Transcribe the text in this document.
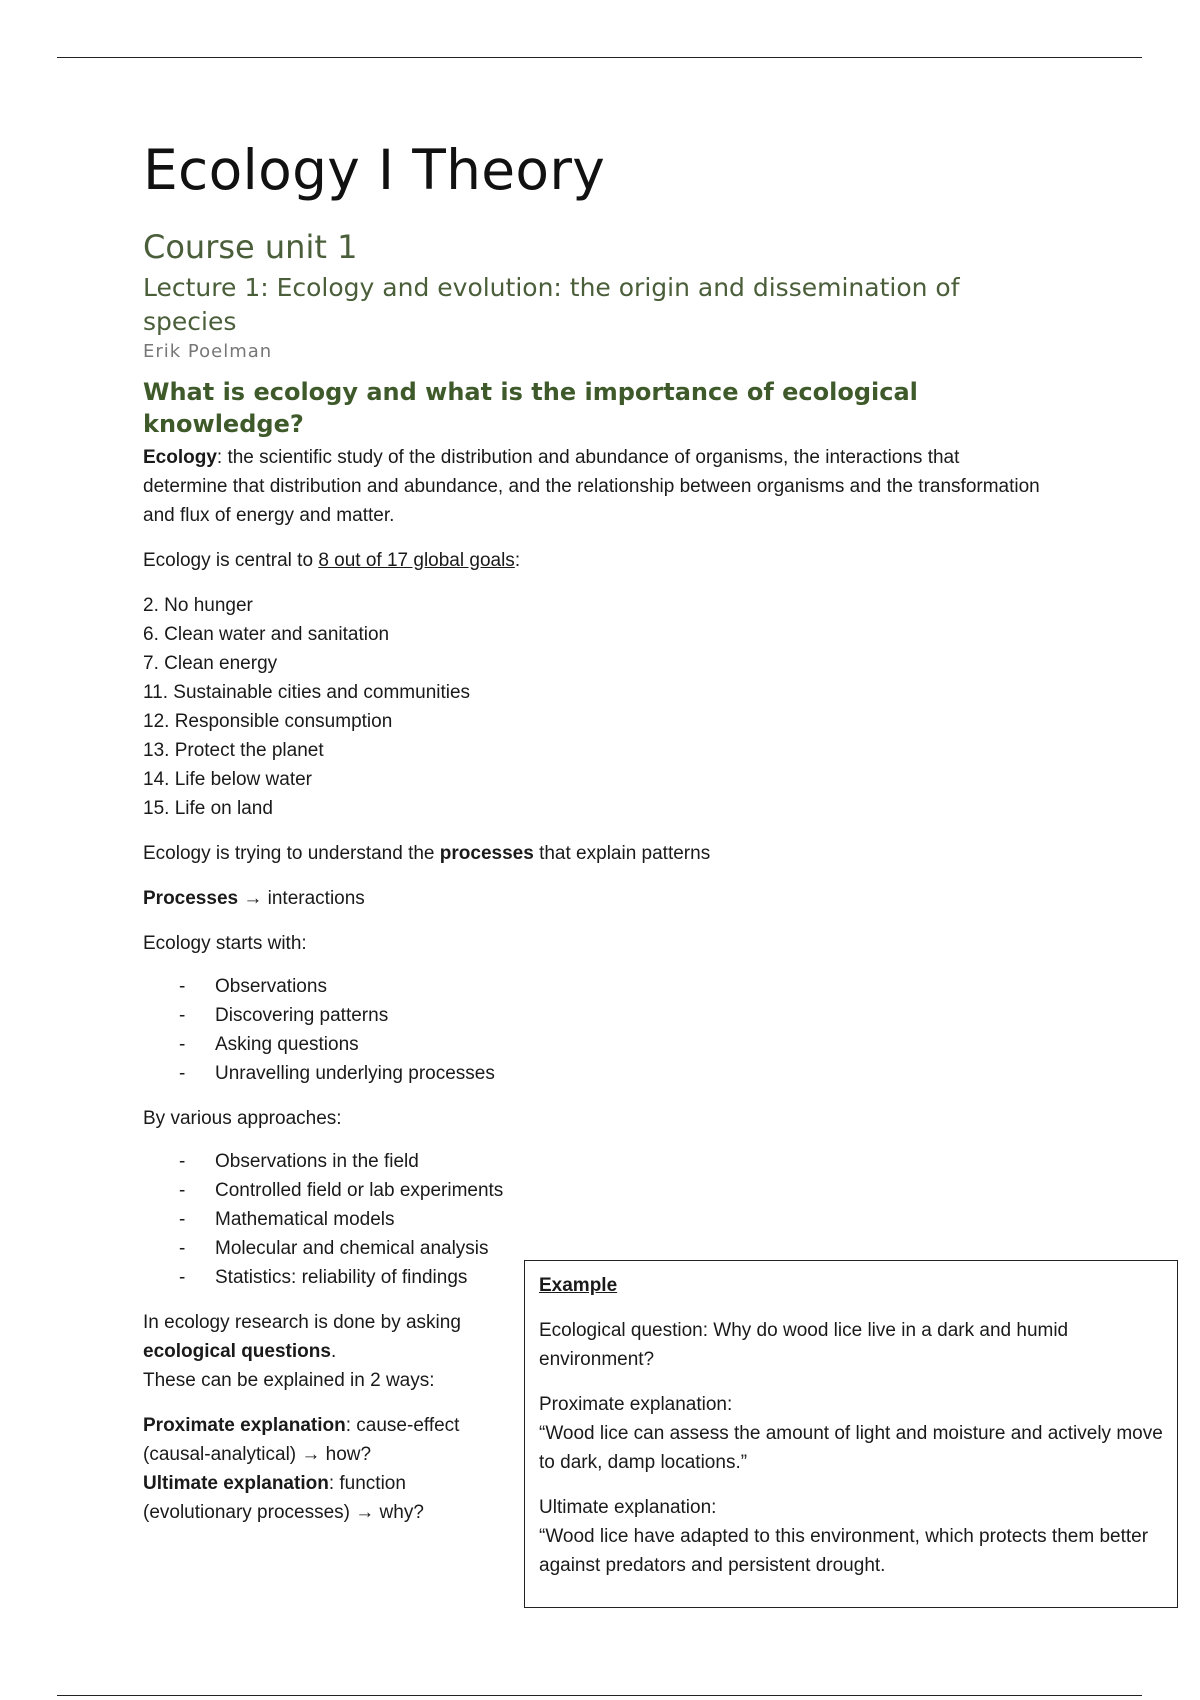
Ecology I Theory
Course unit 1
Lecture 1: Ecology and evolution: the origin and dissemination of species
Erik Poelman
What is ecology and what is the importance of ecological knowledge?

Ecology: the scientific study of the distribution and abundance of organisms, the interactions that determine that distribution and abundance, and the relationship between organisms and the transformation and flux of energy and matter.

Ecology is central to 8 out of 17 global goals:

2. No hunger
6. Clean water and sanitation
7. Clean energy
11. Sustainable cities and communities
12. Responsible consumption
13. Protect the planet
14. Life below water
15. Life on land

Ecology is trying to understand the processes that explain patterns

Processes → interactions

Ecology starts with:

- Observations
- Discovering patterns
- Asking questions
- Unravelling underlying processes

By various approaches:

- Observations in the field
- Controlled field or lab experiments
- Mathematical models
- Molecular and chemical analysis
- Statistics: reliability of findings

In ecology research is done by asking ecological questions.
These can be explained in 2 ways:

Proximate explanation: cause-effect (causal-analytical) → how?
Ultimate explanation: function (evolutionary processes) → why?

Example

Ecological question: Why do wood lice live in a dark and humid environment?

Proximate explanation:

“Wood lice can assess the amount of light and moisture and actively move to dark, damp locations.”

Ultimate explanation:

“Wood lice have adapted to this environment, which protects them better against predators and persistent drought.
